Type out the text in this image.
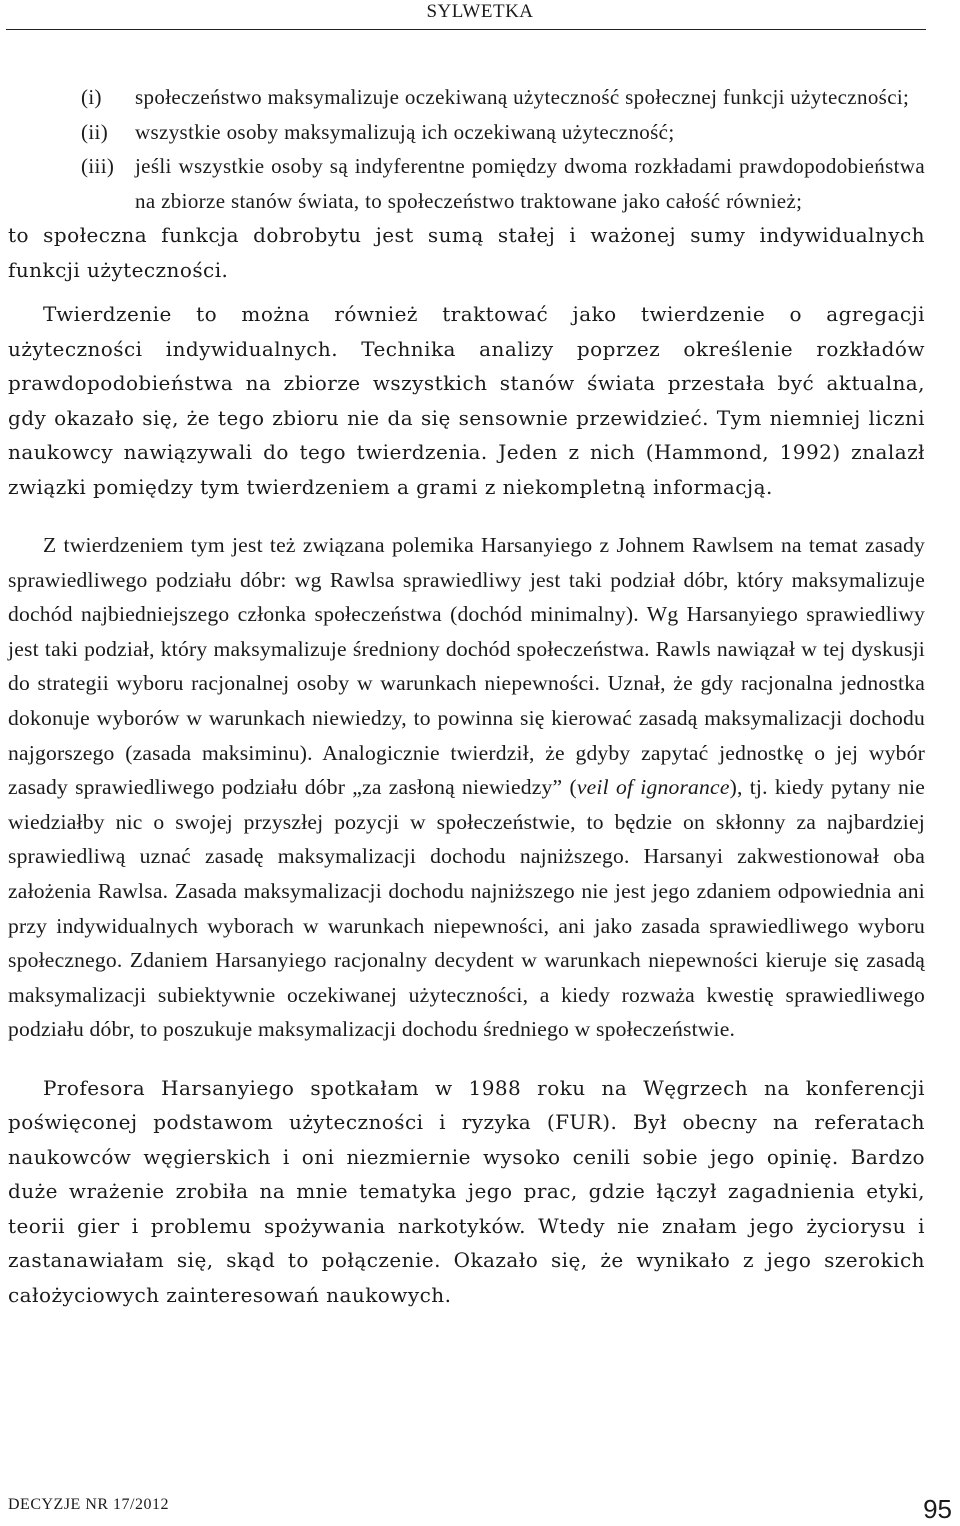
SYLWETKA
(i)	społeczeństwo maksymalizuje oczekiwaną użyteczność społecznej funkcji użyteczności;
(ii)	wszystkie osoby maksymalizują ich oczekiwaną użyteczność;
(iii) jeśli wszystkie osoby są indyferentne pomiędzy dwoma rozkładami prawdopodobieństwa na zbiorze stanów świata, to społeczeństwo traktowane jako całość również;

to społeczna funkcja dobrobytu jest sumą stałej i ważonej sumy indywidualnych funkcji użyteczności.

Twierdzenie to można również traktować jako twierdzenie o agregacji użyteczności indywidualnych. Technika analizy poprzez określenie rozkładów prawdopodobieństwa na zbiorze wszystkich stanów świata przestała być aktualna, gdy okazało się, że tego zbioru nie da się sensownie przewidzieć. Tym niemniej liczni naukowcy nawiązywali do tego twierdzenia. Jeden z nich (Hammond, 1992) znalazł związki pomiędzy tym twierdzeniem a grami z niekompletną informacją.

Z twierdzeniem tym jest też związana polemika Harsanyiego z Johnem Rawlsem na temat zasady sprawiedliwego podziału dóbr: wg Rawlsa sprawiedliwy jest taki podział dóbr, który maksymalizuje dochód najbiedniejszego członka społeczeństwa (dochód minimalny). Wg Harsanyiego sprawiedliwy jest taki podział, który maksymalizuje średniony dochód społeczeństwa. Rawls nawiązał w tej dyskusji do strategii wyboru racjonalnej osoby w warunkach niepewności. Uznał, że gdy racjonalna jednostka dokonuje wyborów w warunkach niewiedzy, to powinna się kierować zasadą maksymalizacji dochodu najgorszego (zasada maksiminu). Analogicznie twierdził, że gdyby zapytać jednostkę o jej wybór zasady sprawiedliwego podziału dóbr „za zasłoną niewiedzy” (veil of ignorance), tj. kiedy pytany nie wiedziałby nic o swojej przyszłej pozycji w społeczeństwie, to będzie on skłonny za najbardziej sprawiedliwą uznać zasadę maksymalizacji dochodu najniższego. Harsanyi zakwestionował oba założenia Rawlsa. Zasada maksymalizacji dochodu najniższego nie jest jego zdaniem odpowiednia ani przy indywidualnych wyborach w warunkach niepewności, ani jako zasada sprawiedliwego wyboru społecznego. Zdaniem Harsanyiego racjonalny decydent w warunkach niepewności kieruje się zasadą maksymalizacji subiektywnie oczekiwanej użyteczności, a kiedy rozważa kwestię sprawiedliwego podziału dóbr, to poszukuje maksymalizacji dochodu średniego w społeczeństwie.

Profesora Harsanyiego spotkałam w 1988 roku na Węgrzech na konferencji poświęconej podstawom użyteczności i ryzyka (FUR). Był obecny na referatach naukowców węgierskich i oni niezmiernie wysoko cenili sobie jego opinię. Bardzo duże wrażenie zrobiła na mnie tematyka jego prac, gdzie łączył zagadnienia etyki, teorii gier i problemu spożywania narkotyków. Wtedy nie znałam jego życiorysu i zastanawiałam się, skąd to połączenie. Okazało się, że wynikało z jego szerokich całożyciowych zainteresowań naukowych.

DECYZJE NR 17/2012	95
